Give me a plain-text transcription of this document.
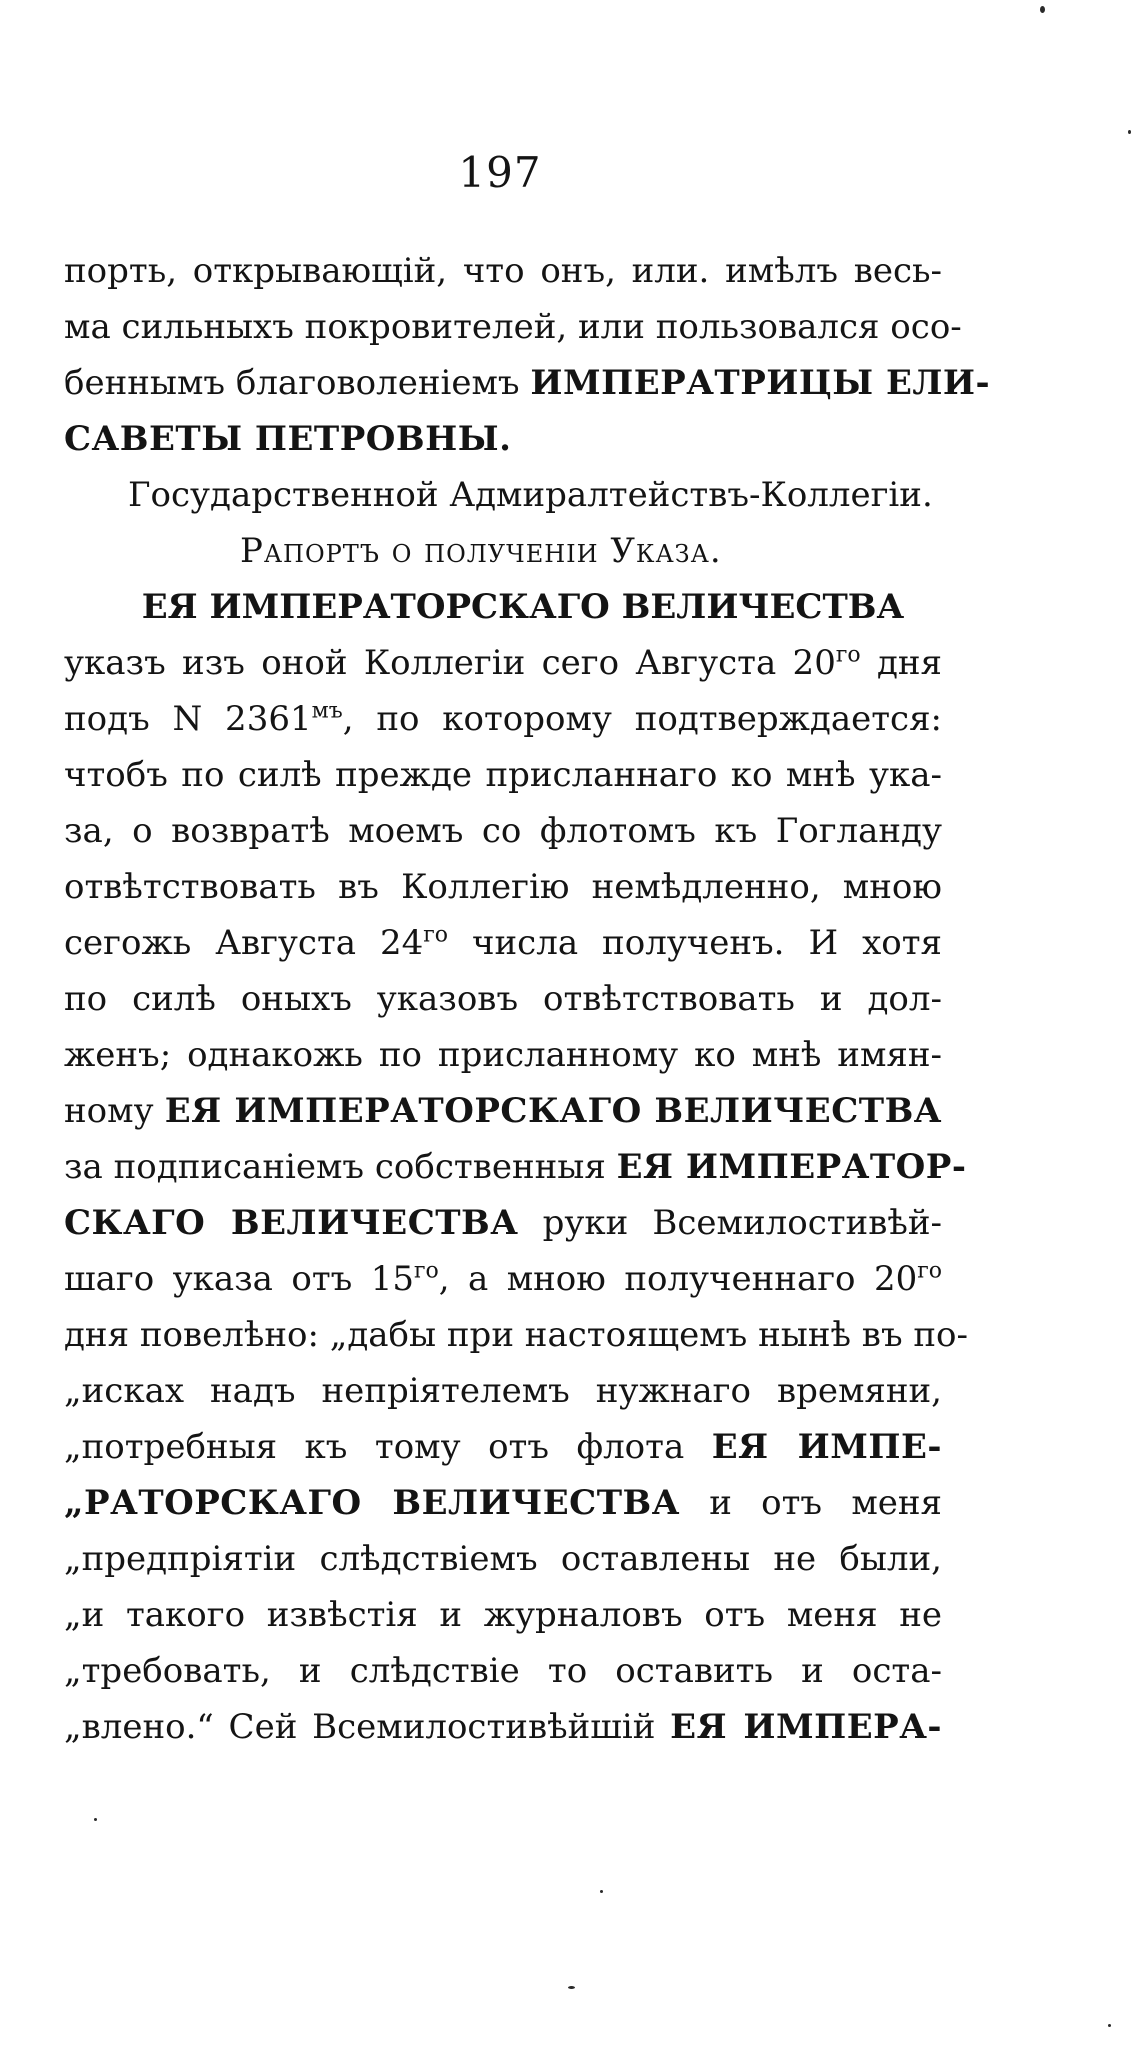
197
порть, открывающій, что онъ, или. имѣлъ весь-
ма сильныхъ покровителей, или пользовался осо-
беннымъ благоволеніемъ ИМПЕРАТРИЦЫ ЕЛИ-
САВЕТЫ ПЕТРОВНЫ.
Государственной Адмиралтействъ-Коллегіи.
Рапортъ о полученіи Указа.
ЕЯ ИМПЕРАТОРСКАГО ВЕЛИЧЕСТВА
указъ изъ оной Коллегіи сего Августа $20^{го}$ дня
подъ N $2361^{мъ}$, по которому подтверждается:
чтобъ по силѣ прежде присланнаго ко мнѣ ука-
за, о возвратѣ моемъ со флотомъ къ Гогланду
отвѣтствовать въ Коллегію немѣдленно, мною
сегожь Августа $24^{го}$ числа полученъ. И хотя
по силѣ оныхъ указовъ отвѣтствовать и дол-
женъ; однакожь по присланному ко мнѣ имян-
ному ЕЯ ИМПЕРАТОРСКАГО ВЕЛИЧЕСТВА
за подписаніемъ собственныя ЕЯ ИМПЕРАТОР-
СКАГО ВЕЛИЧЕСТВА руки Всемилостивѣй-
шаго указа отъ $15^{го}$, а мною полученнаго $20^{го}$
дня повелѣно: „дабы при настоящемъ нынѣ въ по-
„исках надъ непріятелемъ нужнаго времяни,
„потребныя къ тому отъ флота ЕЯ ИМПЕ-
„РАТОРСКАГО ВЕЛИЧЕСТВА и отъ меня
„предпріятіи слѣдствіемъ оставлены не были,
„и такого извѣстія и журналовъ отъ меня не
„требовать, и слѣдствіе то оставить и оста-
„влено.“ Сей Всемилостивѣйшій ЕЯ ИМПЕРА-
